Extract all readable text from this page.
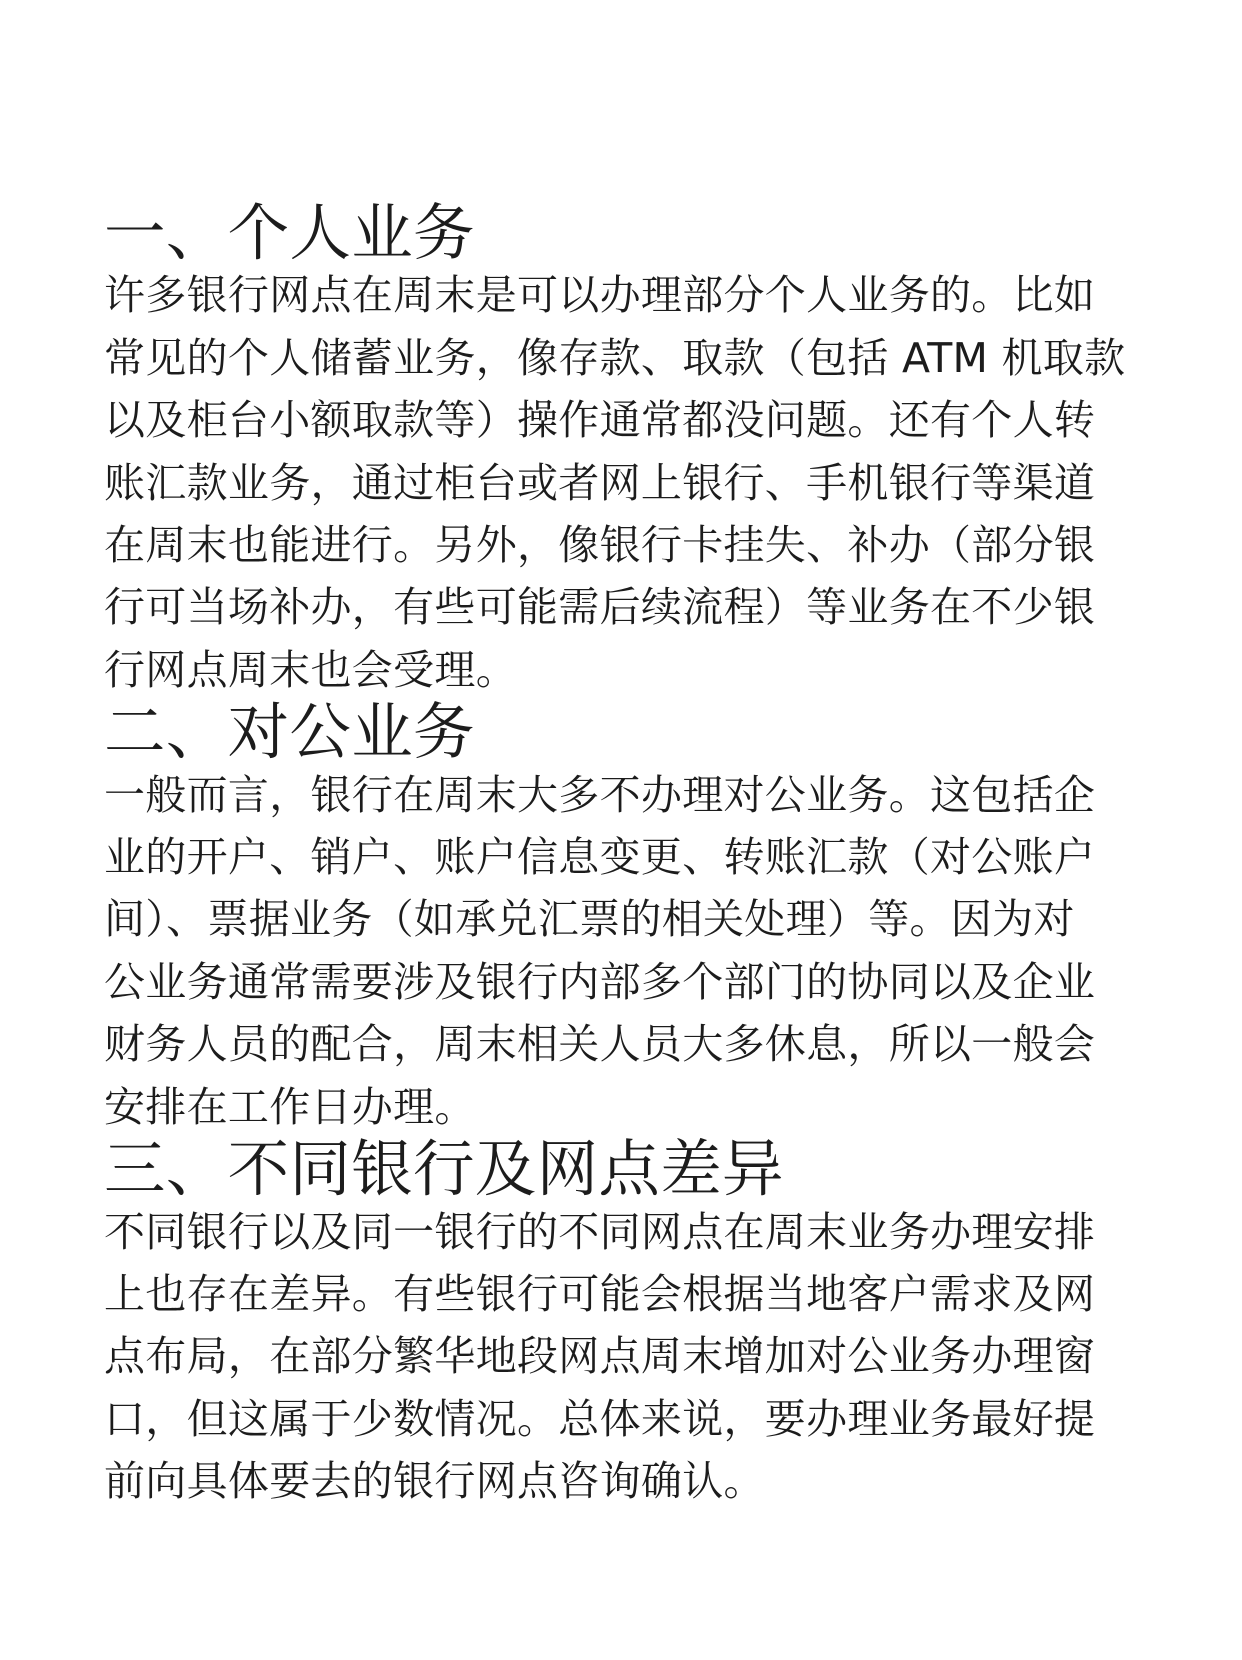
一、个人业务
许多银行网点在周末是可以办理部分个人业务的。比如
常见的个人储蓄业务，像存款、取款（包括 ATM 机取款
以及柜台小额取款等）操作通常都没问题。还有个人转
账汇款业务，通过柜台或者网上银行、手机银行等渠道
在周末也能进行。另外，像银行卡挂失、补办（部分银
行可当场补办，有些可能需后续流程）等业务在不少银
行网点周末也会受理。
二、对公业务
一般而言，银行在周末大多不办理对公业务。这包括企
业的开户、销户、账户信息变更、转账汇款（对公账户
间）、票据业务（如承兑汇票的相关处理）等。因为对
公业务通常需要涉及银行内部多个部门的协同以及企业
财务人员的配合，周末相关人员大多休息，所以一般会
安排在工作日办理。
三、不同银行及网点差异
不同银行以及同一银行的不同网点在周末业务办理安排
上也存在差异。有些银行可能会根据当地客户需求及网
点布局，在部分繁华地段网点周末增加对公业务办理窗
口，但这属于少数情况。总体来说，要办理业务最好提
前向具体要去的银行网点咨询确认。
